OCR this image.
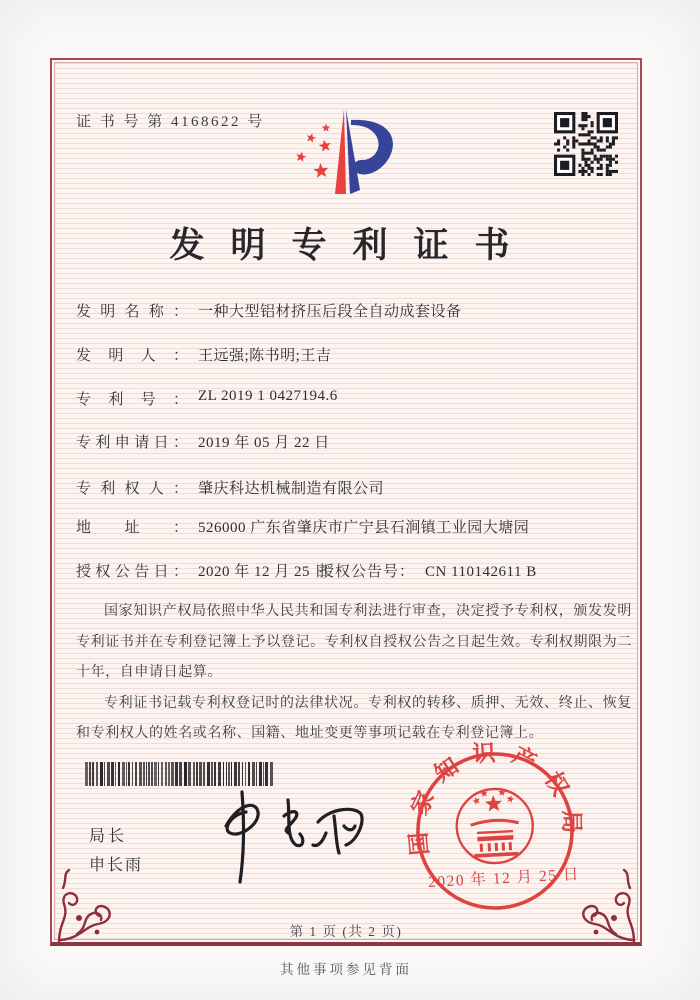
证 书 号 第 4168622 号
发明专利证书
发明名称： 一种大型铝材挤压后段全自动成套设备
发明人： 王远强;陈书明;王吉
专利号： ZL 2019 1 0427194.6
专利申请日： 2019 年 05 月 22 日
专利权人： 肇庆科达机械制造有限公司
地址： 526000 广东省肇庆市广宁县石涧镇工业园大塘园
授权公告日： 2020 年 12 月 25 日
授权公告号： CN 110142611 B

国家知识产权局依照中华人民共和国专利法进行审查，决定授予专利权，颁发发明专利证书并在专利登记簿上予以登记。专利权自授权公告之日起生效。专利权期限为二十年，自申请日起算。

专利证书记载专利权登记时的法律状况。专利权的转移、质押、无效、终止、恢复和专利权人的姓名或名称、国籍、地址变更等事项记载在专利登记簿上。

局长
申长雨
国家知识产权局
2020 年 12 月 25 日
第 1 页 (共 2 页)
其他事项参见背面
